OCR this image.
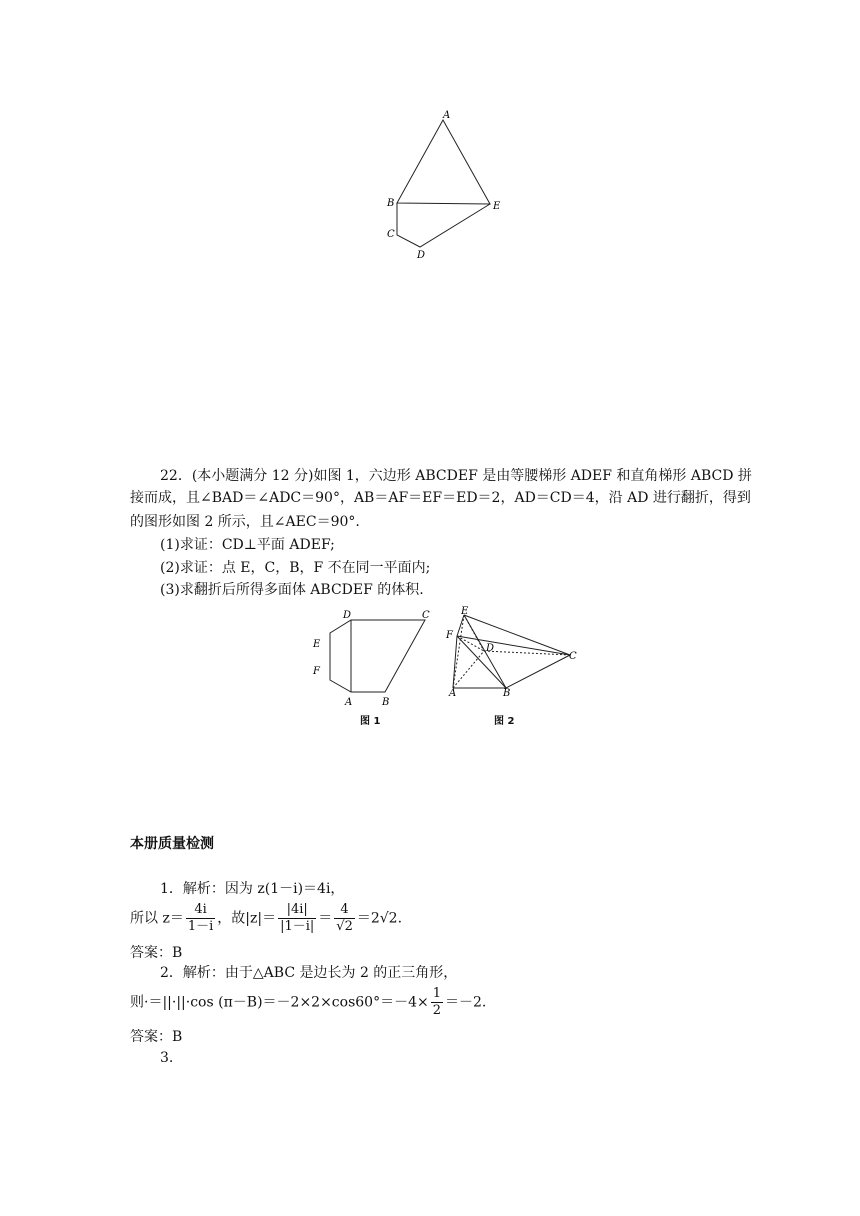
A
B	E
C
D
22．(本小题满分 12 分)如图 1，六边形 ABCDEF 是由等腰梯形 ADEF 和直角梯形 ABCD 拼
接而成，且∠BAD＝∠ADC＝90°，AB＝AF＝EF＝ED＝2，AD＝CD＝4，沿 AD 进行翻折，得到
的图形如图 2 所示，且∠AEC＝90°.
(1)求证：CD⊥平面 ADEF;
(2)求证：点 E，C，B，F 不在同一平面内;
(3)求翻折后所得多面体 ABCDEF 的体积.
D	C
E
F
A	B
图 1
E
F
D
C
A	B
图 2
本册质量检测
1．解析：因为 z(1－i)＝4i，
所以 $z= \frac{4i}{1-i}$ ，故$|z|= \frac{|4i|}{|1-i|} = \frac{4}{√2} =2√2$.
答案：B
2．解析：由于△ABC 是边长为 2 的正三角形，
则·＝||·||·cos $(\pi-B)=-2\times 2\times\cos 60^\circ=-4\times \frac{1}{2} =-2$.
答案：B
3.
